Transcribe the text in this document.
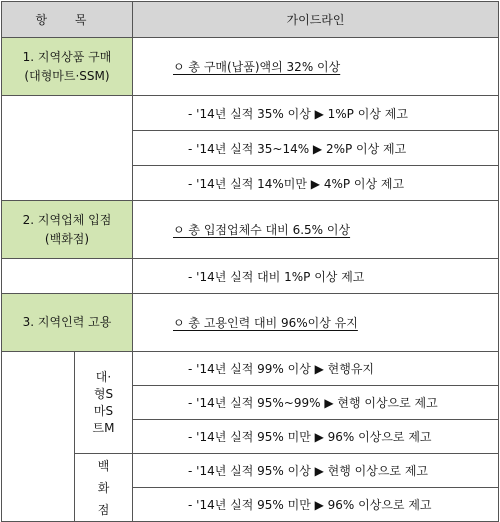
항 목		가이드라인

1. 지역상품 구매
(대형마트·SSM)		ㅇ 총 구매(납품)액의 32% 이상
		- '14년 실적 35% 이상 ▶ 1%P 이상 제고
		- '14년 실적 35~14% ▶ 2%P 이상 제고
		- '14년 실적 14%미만 ▶ 4%P 이상 제고

2. 지역업체 입점
(백화점)		ㅇ 총 입점업체수 대비 6.5% 이상
		- '14년 실적 대비 1%P 이상 제고
3. 지역인력 고용		ㅇ 총 고용인력 대비 96%이상 유지

	대·
형S
마S
트M	- '14년 실적 99% 이상 ▶ 현행유지
		- '14년 실적 95%~99% ▶ 현행 이상으로 제고
		- '14년 실적 95% 미만 ▶ 96% 이상으로 제고

	백
화
점	- '14년 실적 95% 이상 ▶ 현행 이상으로 제고
		- '14년 실적 95% 미만 ▶ 96% 이상으로 제고
